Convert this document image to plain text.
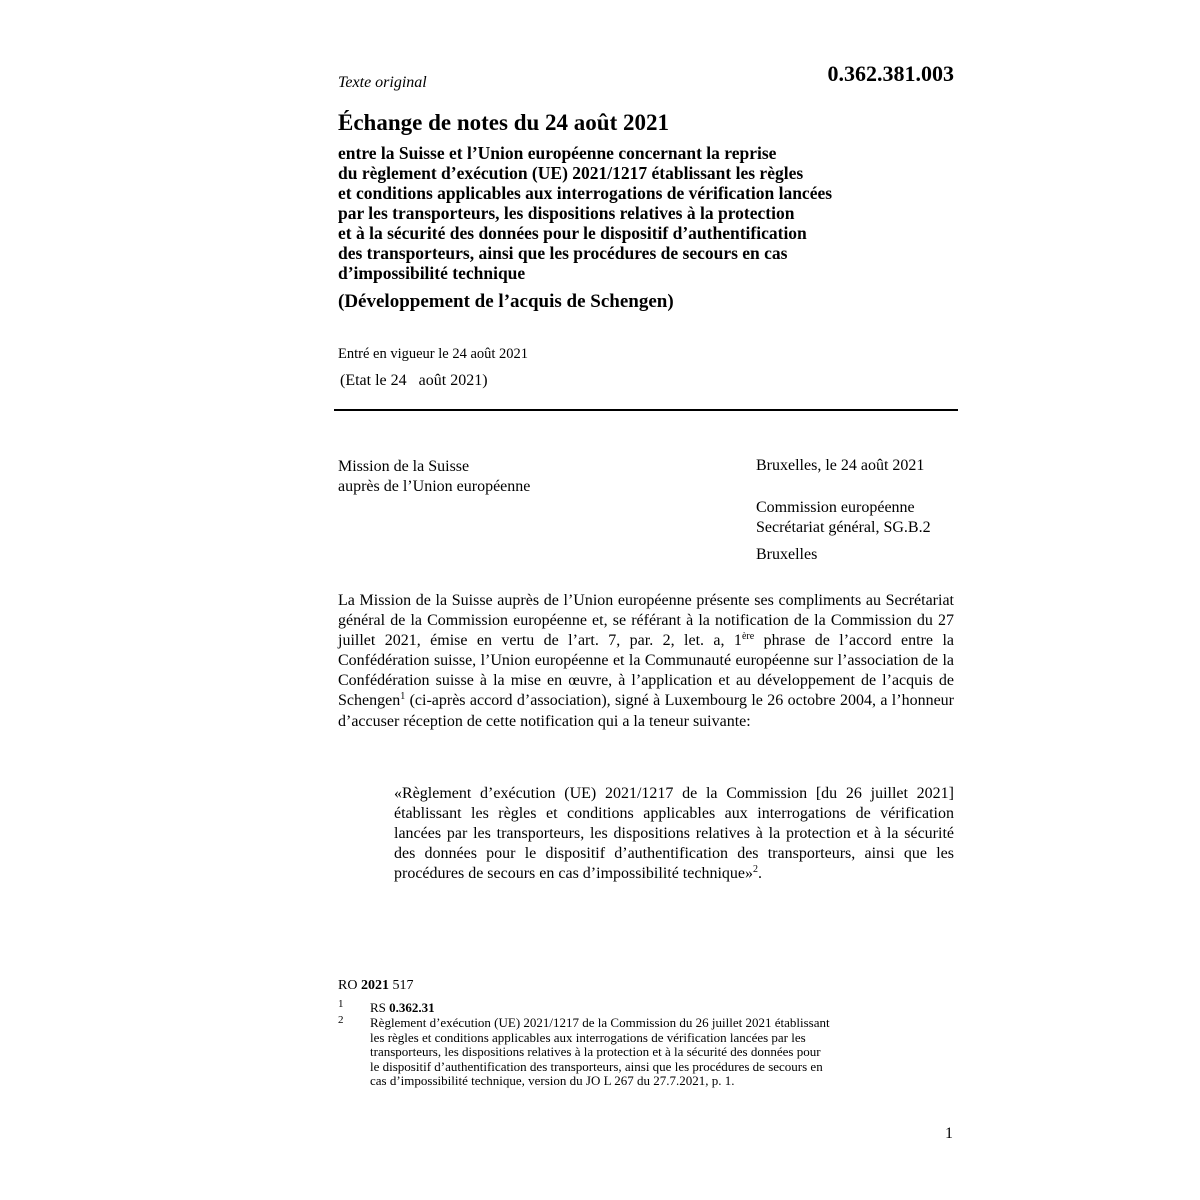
Texte original	0.362.381.003
Échange de notes du 24 août 2021
entre la Suisse et l’Union européenne concernant la reprise
du règlement d’exécution (UE) 2021/1217 établissant les règles
et conditions applicables aux interrogations de vérification lancées
par les transporteurs, les dispositions relatives à la protection
et à la sécurité des données pour le dispositif d’authentification
des transporteurs, ainsi que les procédures de secours en cas
d’impossibilité technique
(Développement de l’acquis de Schengen)
Entré en vigueur le 24 août 2021
(Etat le 24   août 2021)
Mission de la Suisse
auprès de l’Union européenne
Bruxelles, le 24 août 2021
Commission européenne
Secrétariat général, SG.B.2
Bruxelles
La Mission de la Suisse auprès de l’Union européenne présente ses compliments au Secrétariat général de la Commission européenne et, se référant à la notification de la Commission du 27 juillet 2021, émise en vertu de l’art. 7, par. 2, let. a, 1ère phrase de l’accord entre la Confédération suisse, l’Union européenne et la Communauté européenne sur l’association de la Confédération suisse à la mise en œuvre, à l’application et au développement de l’acquis de Schengen$^1$ (ci-après accord d’association), signé à Luxembourg le 26 octobre 2004, a l’honneur d’accuser réception de cette notification qui a la teneur suivante:
«Règlement d’exécution (UE) 2021/1217 de la Commission [du 26 juillet 2021] établissant les règles et conditions applicables aux interrogations de vérification lancées par les transporteurs, les dispositions relatives à la protection et à la sécurité des données pour le dispositif d’authentification des transporteurs, ainsi que les procédures de secours en cas d’impossibilité technique»$^2$.
RO 2021 517
1 RS 0.362.31
2 Règlement d’exécution (UE) 2021/1217 de la Commission du 26 juillet 2021 établissant
les règles et conditions applicables aux interrogations de vérification lancées par les
transporteurs, les dispositions relatives à la protection et à la sécurité des données pour
le dispositif d’authentification des transporteurs, ainsi que les procédures de secours en
cas d’impossibilité technique, version du JO L 267 du 27.7.2021, p. 1.
1
